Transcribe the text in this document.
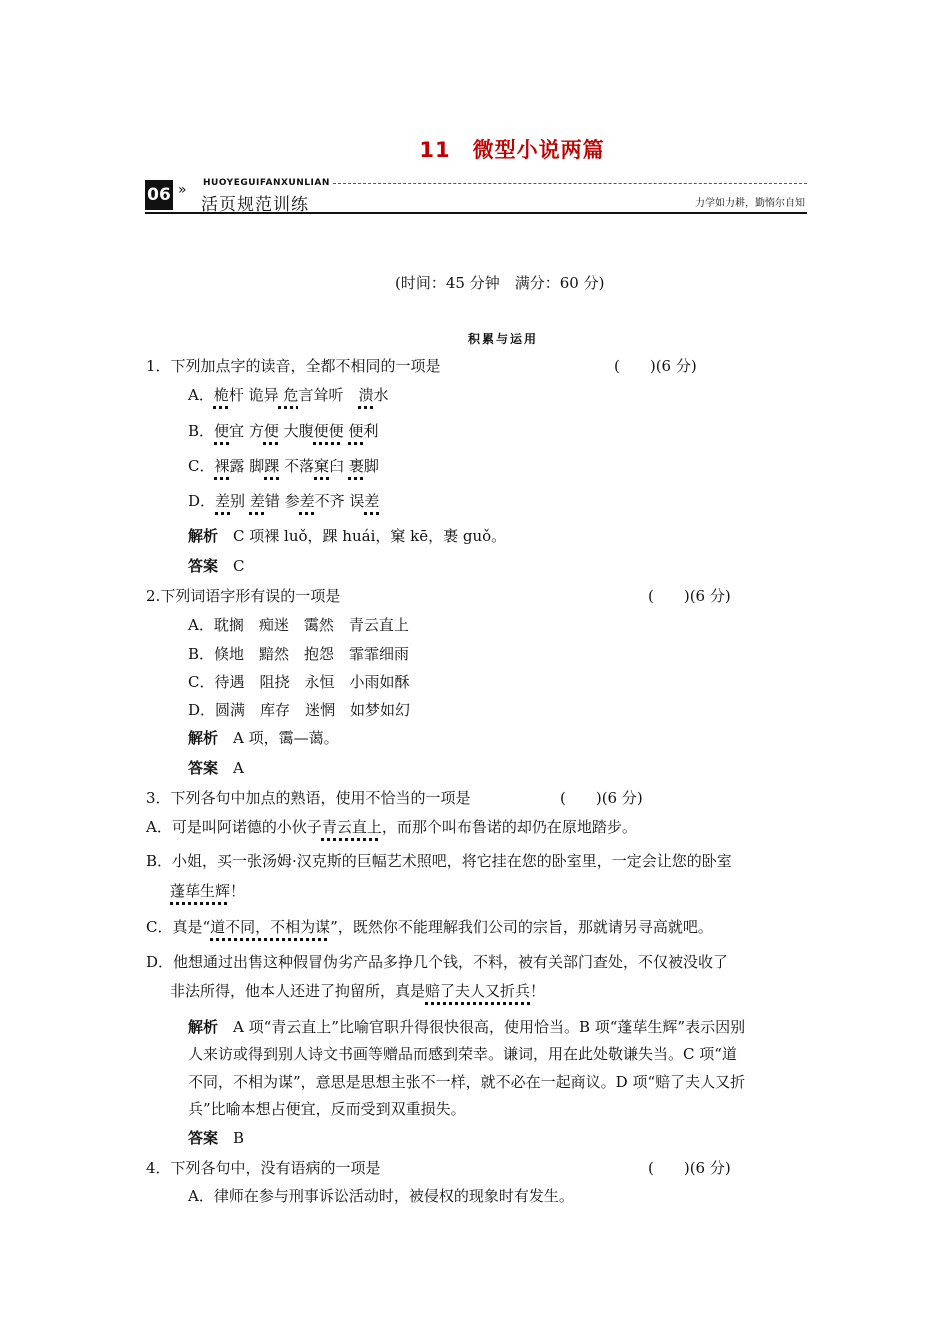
11　微型小说两篇
06 » HUOYEGUIFANXUNLIAN
活页规范训练	力学如力耕，勤惰尔自知
(时间：45 分钟　满分：60 分)
积累与运用
1．下列加点字的读音，全都不相同的一项是	(　　)(6 分)
A．桅杆 诡异 危言耸听　 溃水
B．便宜 方便 大腹便便 便利
C．裸露 脚踝 不落窠臼 裹脚
D．差别 差错 参差不齐 误差
解析　 C 项裸 luǒ，踝 huái，窠 kē，裹 guǒ。
答案　 C
2.下列词语字形有误的一项是	(　　)(6 分)
A．耽搁　痴迷　霭然　青云直上
B．倏地　黯然　抱怨　霏霏细雨
C．待遇　阻挠　永恒　小雨如酥
D．圆满　库存　迷惘　如梦如幻
解析　 A 项，霭—蔼。
答案　 A
3．下列各句中加点的熟语，使用不恰当的一项是	(　　)(6 分)
A．可是叫阿诺德的小伙子青云直上，而那个叫布鲁诺的却仍在原地踏步。
B．小姐，买一张汤姆·汉克斯的巨幅艺术照吧，将它挂在您的卧室里，一定会让您的卧室
蓬荜生辉！
C．真是“道不同，不相为谋”，既然你不能理解我们公司的宗旨，那就请另寻高就吧。
D．他想通过出售这种假冒伪劣产品多挣几个钱，不料，被有关部门查处，不仅被没收了
非法所得，他本人还进了拘留所，真是赔了夫人又折兵！
解析　 A 项“青云直上”比喻官职升得很快很高，使用恰当。B 项“蓬荜生辉”表示因别
人来访或得到别人诗文书画等赠品而感到荣幸。谦词，用在此处敬谦失当。C 项“道
不同，不相为谋”，意思是思想主张不一样，就不必在一起商议。D 项“赔了夫人又折
兵”比喻本想占便宜，反而受到双重损失。
答案　 B
4．下列各句中，没有语病的一项是	(　　)(6 分)
A．律师在参与刑事诉讼活动时，被侵权的现象时有发生。
